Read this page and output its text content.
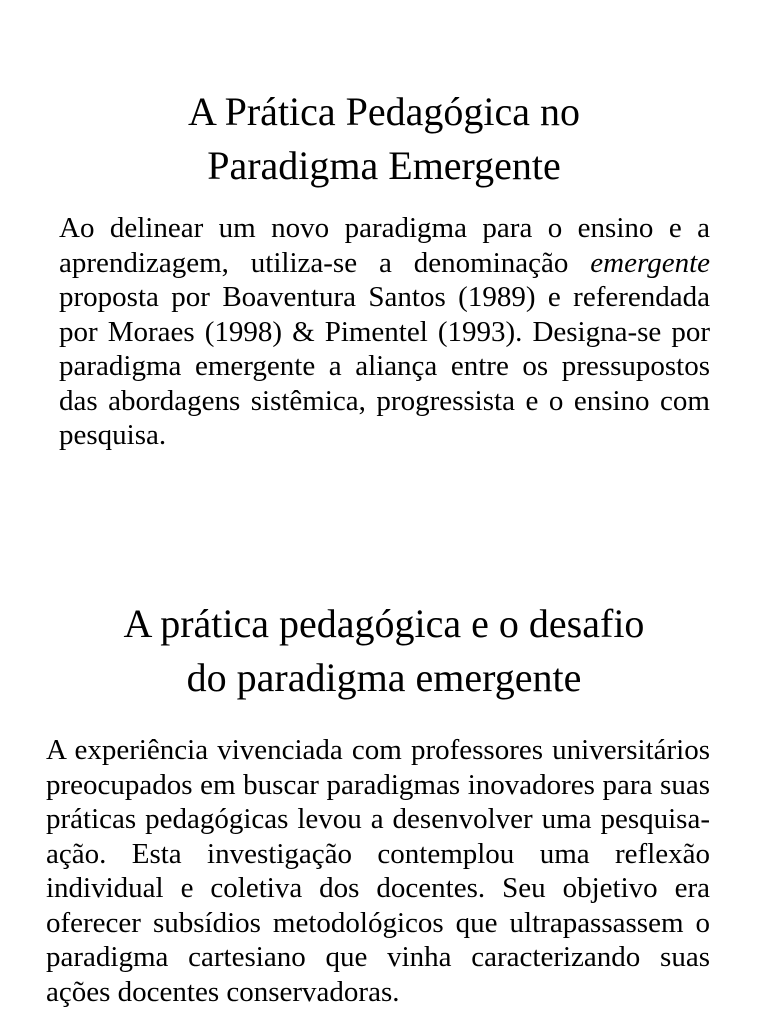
A Prática Pedagógica no
Paradigma Emergente

Ao delinear um novo paradigma para o ensino e a aprendizagem, utiliza-se a denominação emergente proposta por Boaventura Santos (1989) e referendada por Moraes (1998) & Pimentel (1993). Designa-se por paradigma emergente a aliança entre os pressupostos das abordagens sistêmica, progressista e o ensino com pesquisa.

A prática pedagógica e o desafio
do paradigma emergente

A experiência vivenciada com professores universitários preocupados em buscar paradigmas inovadores para suas práticas pedagógicas levou a desenvolver uma pesquisa-ação. Esta investigação contemplou uma reflexão individual e coletiva dos docentes. Seu objetivo era oferecer subsídios metodológicos que ultrapassassem o paradigma cartesiano que vinha caracterizando suas ações docentes conservadoras.
